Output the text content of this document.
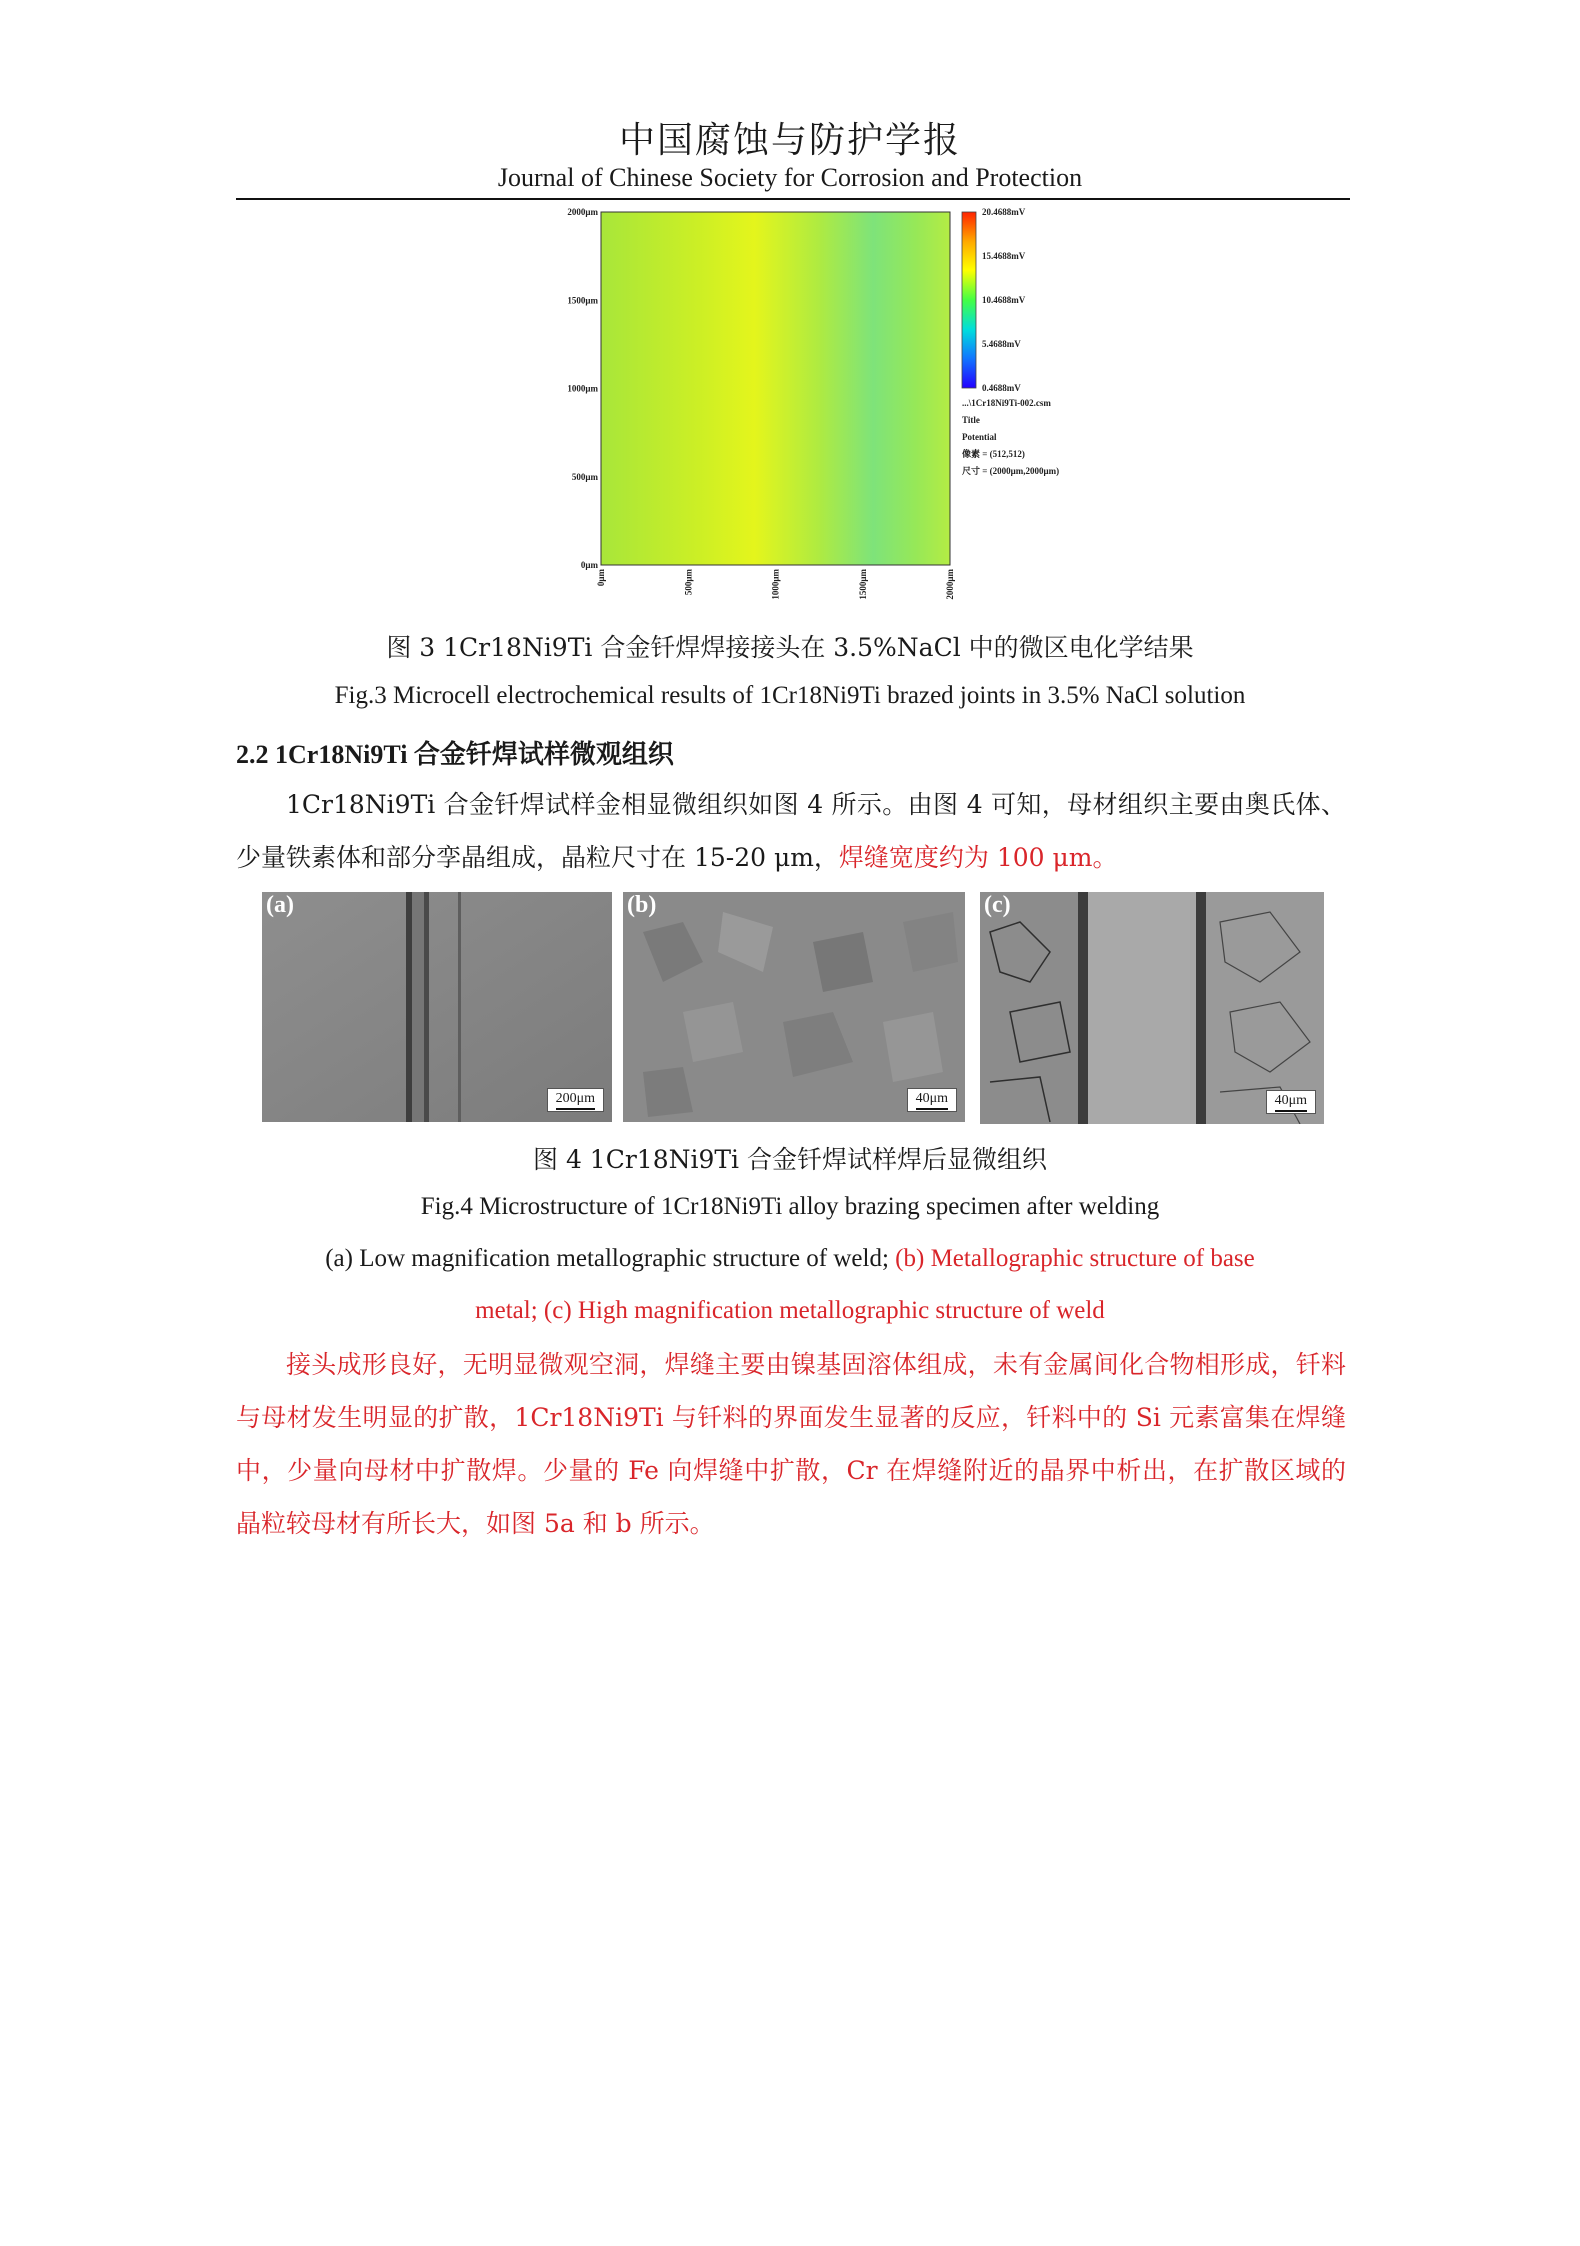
中国腐蚀与防护学报
Journal of Chinese Society for Corrosion and Protection
2000μm
1500μm
1000μm
500μm
0μm
0μm	500μm	1000μm	1500μm	2000μm
20.4688mV
15.4688mV
10.4688mV
5.4688mV
0.4688mV
...\1Cr18Ni9Ti-002.csm
Title
Potential
像素 = (512,512)
尺寸 = (2000μm,2000μm)
图 3 1Cr18Ni9Ti 合金钎焊焊接接头在 3.5%NaCl 中的微区电化学结果
Fig.3 Microcell electrochemical results of 1Cr18Ni9Ti brazed joints in 3.5% NaCl solution
2.2 1Cr18Ni9Ti 合金钎焊试样微观组织
1Cr18Ni9Ti 合金钎焊试样金相显微组织如图 4 所示。由图 4 可知，母材组织主要由奥氏体、少量铁素体和部分孪晶组成，晶粒尺寸在 15-20 μm，焊缝宽度约为 100 μm。
(a)
200μm
(b)
40μm
(c)
40μm
图 4 1Cr18Ni9Ti 合金钎焊试样焊后显微组织
Fig.4 Microstructure of 1Cr18Ni9Ti alloy brazing specimen after welding
(a) Low magnification metallographic structure of weld; (b) Metallographic structure of base
metal; (c) High magnification metallographic structure of weld
接头成形良好，无明显微观空洞，焊缝主要由镍基固溶体组成，未有金属间化合物相形成，钎料与母材发生明显的扩散，1Cr18Ni9Ti 与钎料的界面发生显著的反应，钎料中的 Si 元素富集在焊缝中，少量向母材中扩散焊。少量的 Fe 向焊缝中扩散，Cr 在焊缝附近的晶界中析出，在扩散区域的晶粒较母材有所长大，如图 5a 和 b 所示。
